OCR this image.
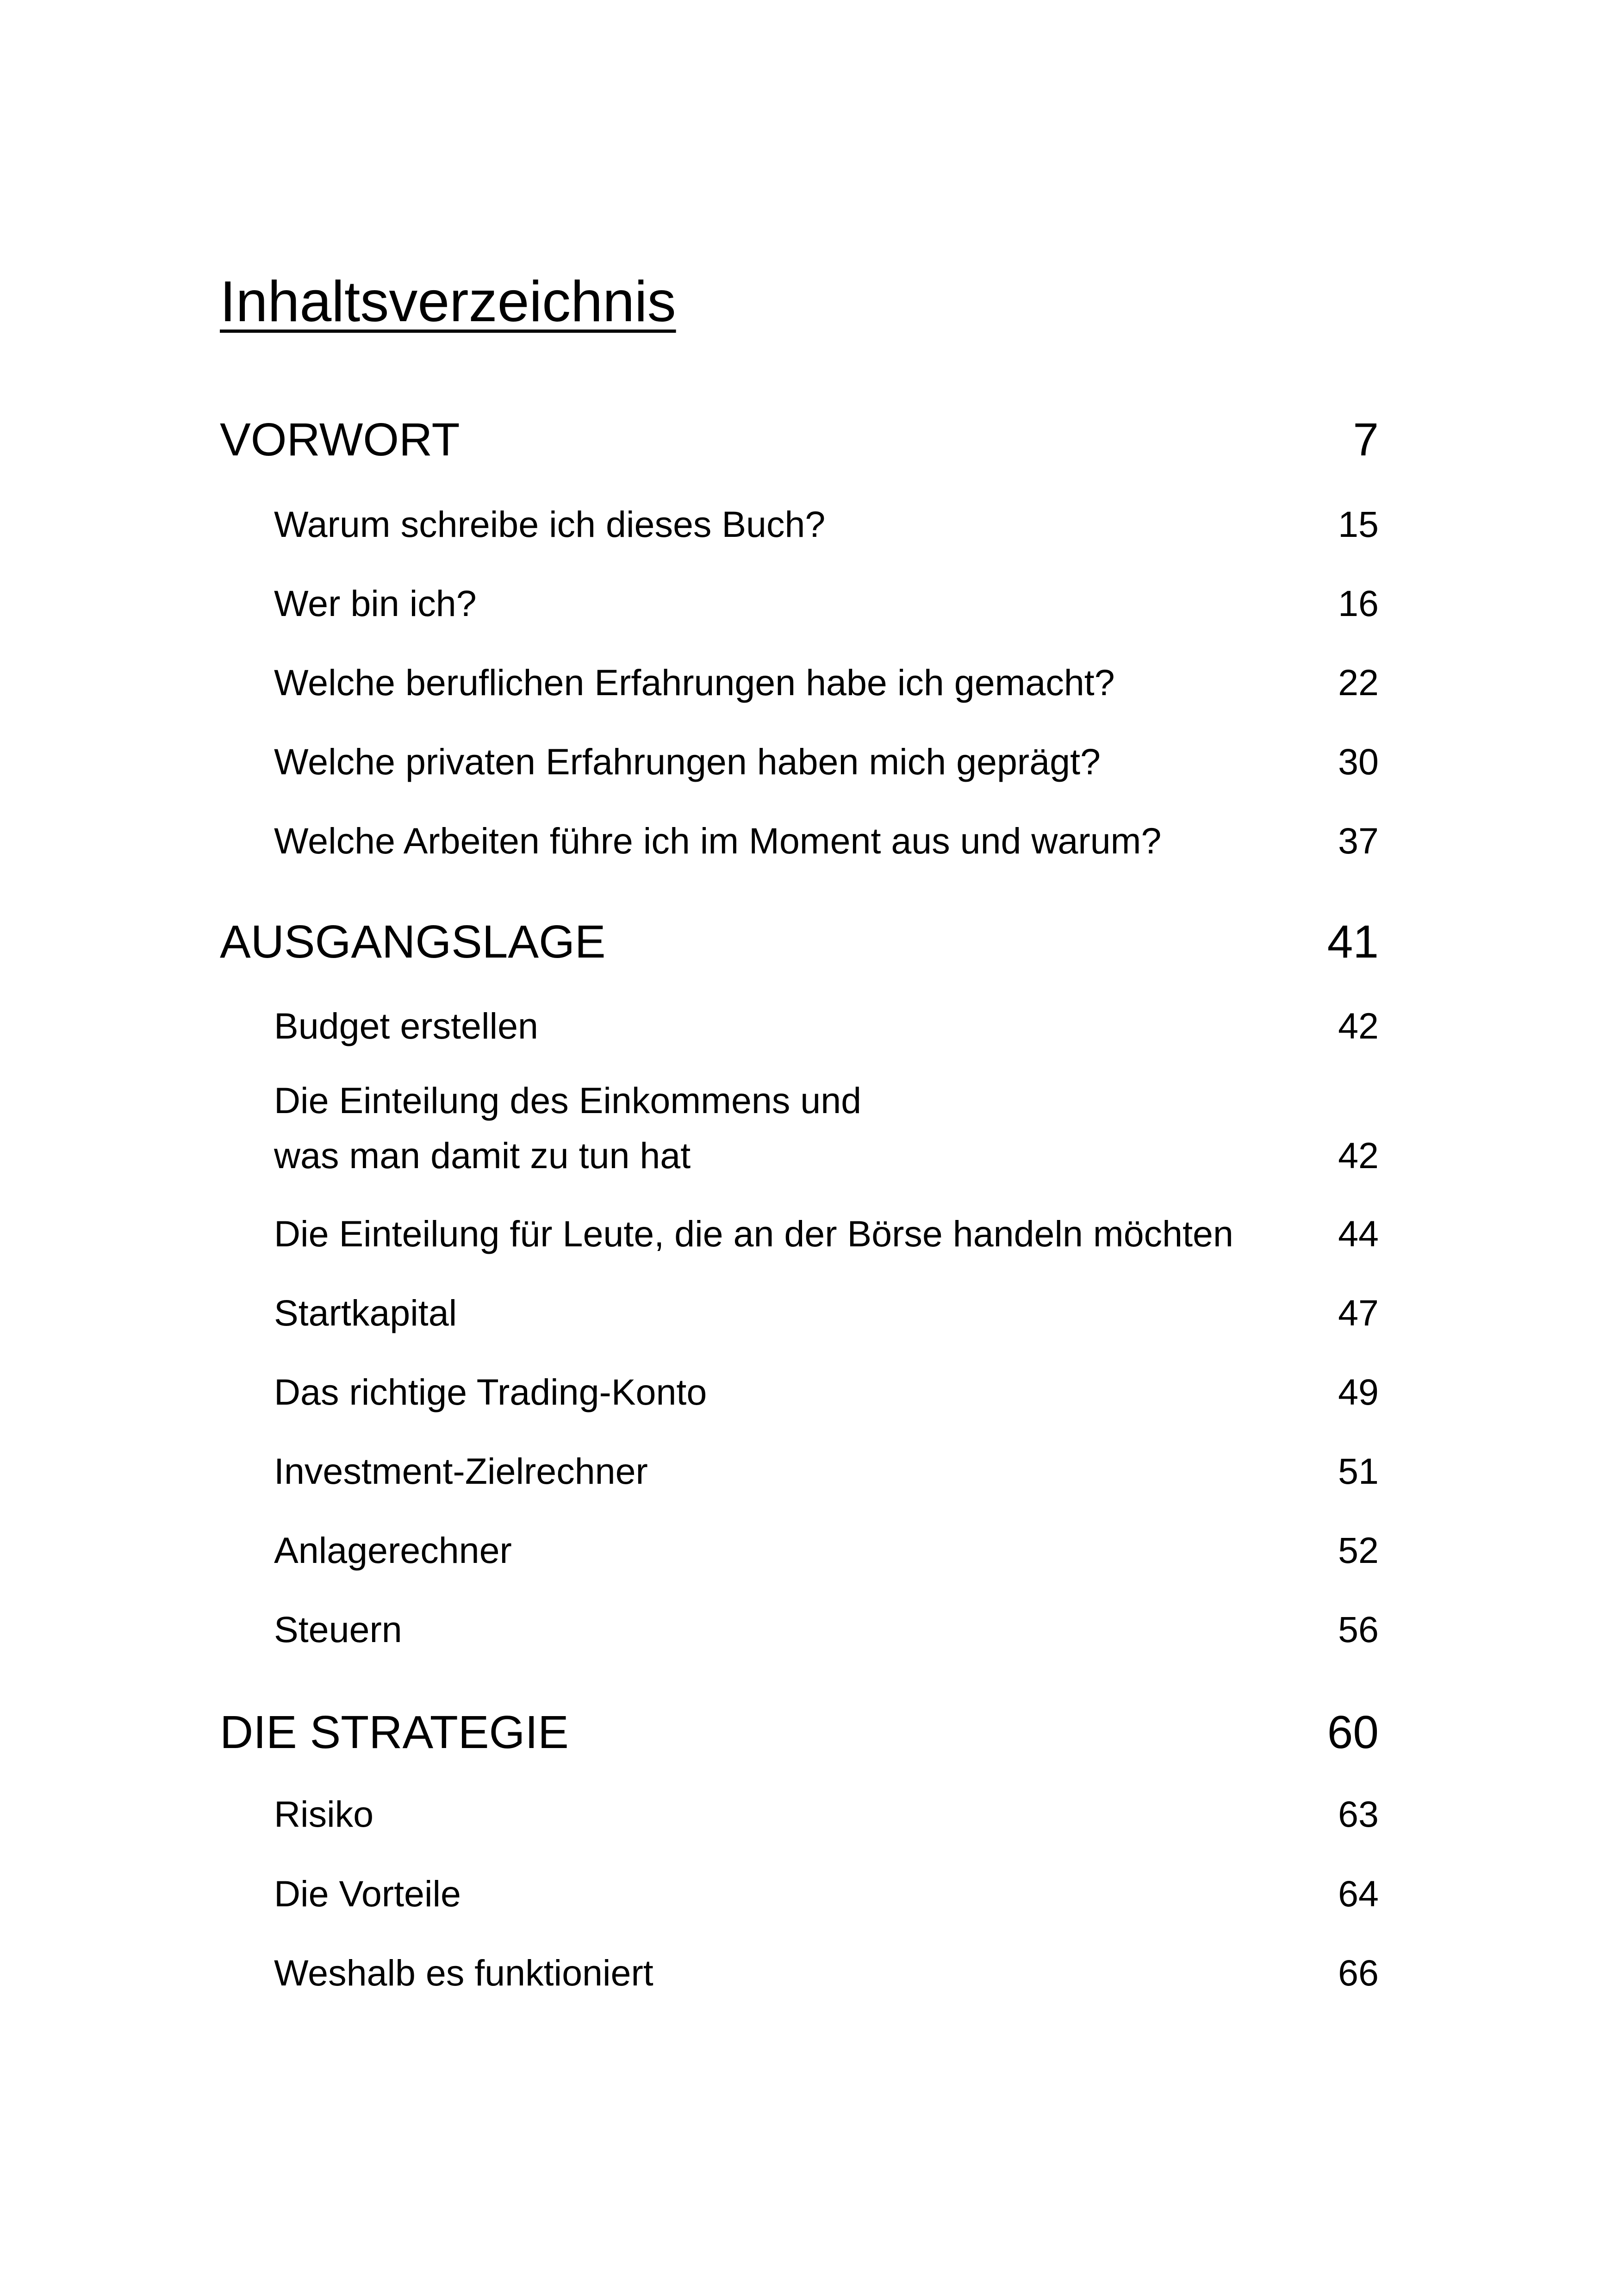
Inhaltsverzeichnis
VORWORT	7
Warum schreibe ich dieses Buch?	15
Wer bin ich?	16
Welche beruflichen Erfahrungen habe ich gemacht?	22
Welche privaten Erfahrungen haben mich geprägt?	30
Welche Arbeiten führe ich im Moment aus und warum?	37
AUSGANGSLAGE	41
Budget erstellen	42
Die Einteilung des Einkommens und
was man damit zu tun hat	42
Die Einteilung für Leute, die an der Börse handeln möchten	44
Startkapital	47
Das richtige Trading-Konto	49
Investment-Zielrechner	51
Anlagerechner	52
Steuern	56
DIE STRATEGIE	60
Risiko	63
Die Vorteile	64
Weshalb es funktioniert	66
